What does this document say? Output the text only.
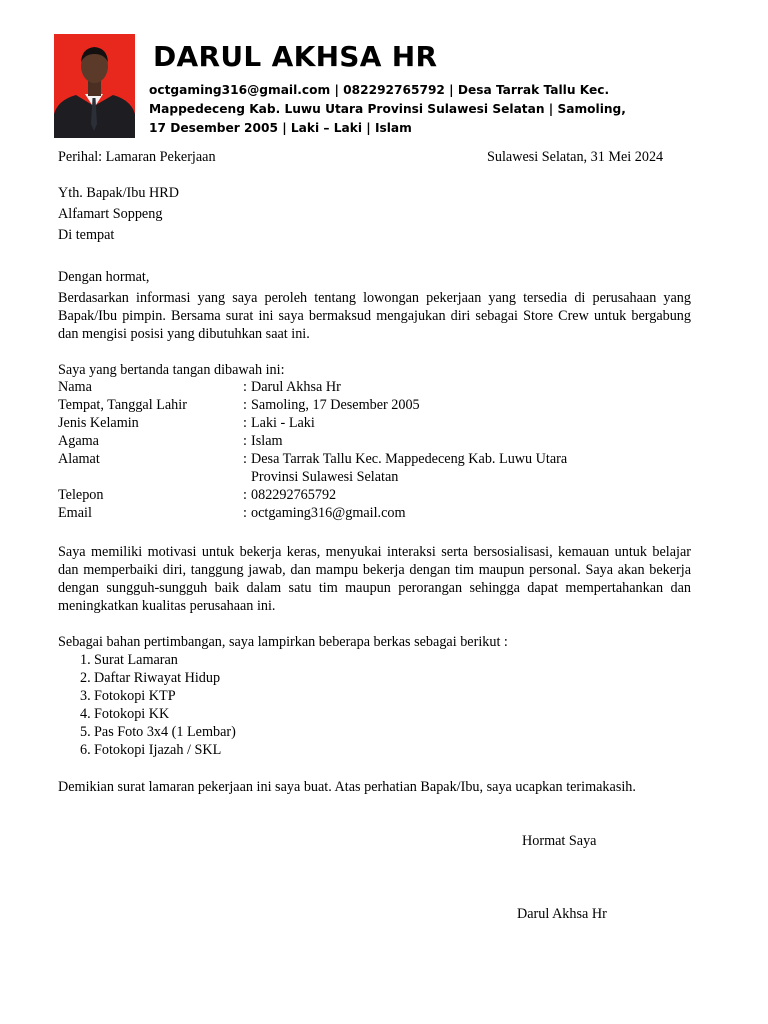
DARUL AKHSA HR
octgaming316@gmail.com | 082292765792 | Desa Tarrak Tallu Kec. Mappedeceng Kab. Luwu Utara Provinsi Sulawesi Selatan | Samoling, 17 Desember 2005 | Laki – Laki | Islam
Perihal: Lamaran Pekerjaan	Sulawesi Selatan, 31 Mei 2024
Yth. Bapak/Ibu HRD
Alfamart Soppeng
Di tempat
Dengan hormat,
Berdasarkan informasi yang saya peroleh tentang lowongan pekerjaan yang tersedia di perusahaan yang Bapak/Ibu pimpin. Bersama surat ini saya bermaksud mengajukan diri sebagai Store Crew untuk bergabung dan mengisi posisi yang dibutuhkan saat ini.
Saya yang bertanda tangan dibawah ini:
Nama	: Darul Akhsa Hr
Tempat, Tanggal Lahir	: Samoling, 17 Desember 2005
Jenis Kelamin	: Laki - Laki
Agama	: Islam
Alamat	: Desa Tarrak Tallu Kec. Mappedeceng Kab. Luwu Utara
Provinsi Sulawesi Selatan
Telepon	: 082292765792
Email	: octgaming316@gmail.com
Saya memiliki motivasi untuk bekerja keras, menyukai interaksi serta bersosialisasi, kemauan untuk belajar dan memperbaiki diri, tanggung jawab, dan mampu bekerja dengan tim maupun personal. Saya akan bekerja dengan sungguh-sungguh baik dalam satu tim maupun perorangan sehingga dapat mempertahankan dan meningkatkan kualitas perusahaan ini.
Sebagai bahan pertimbangan, saya lampirkan beberapa berkas sebagai berikut :
1. Surat Lamaran
2. Daftar Riwayat Hidup
3. Fotokopi KTP
4. Fotokopi KK
5. Pas Foto 3x4 (1 Lembar)
6. Fotokopi Ijazah / SKL
Demikian surat lamaran pekerjaan ini saya buat. Atas perhatian Bapak/Ibu, saya ucapkan terimakasih.
Hormat Saya
Darul Akhsa Hr
